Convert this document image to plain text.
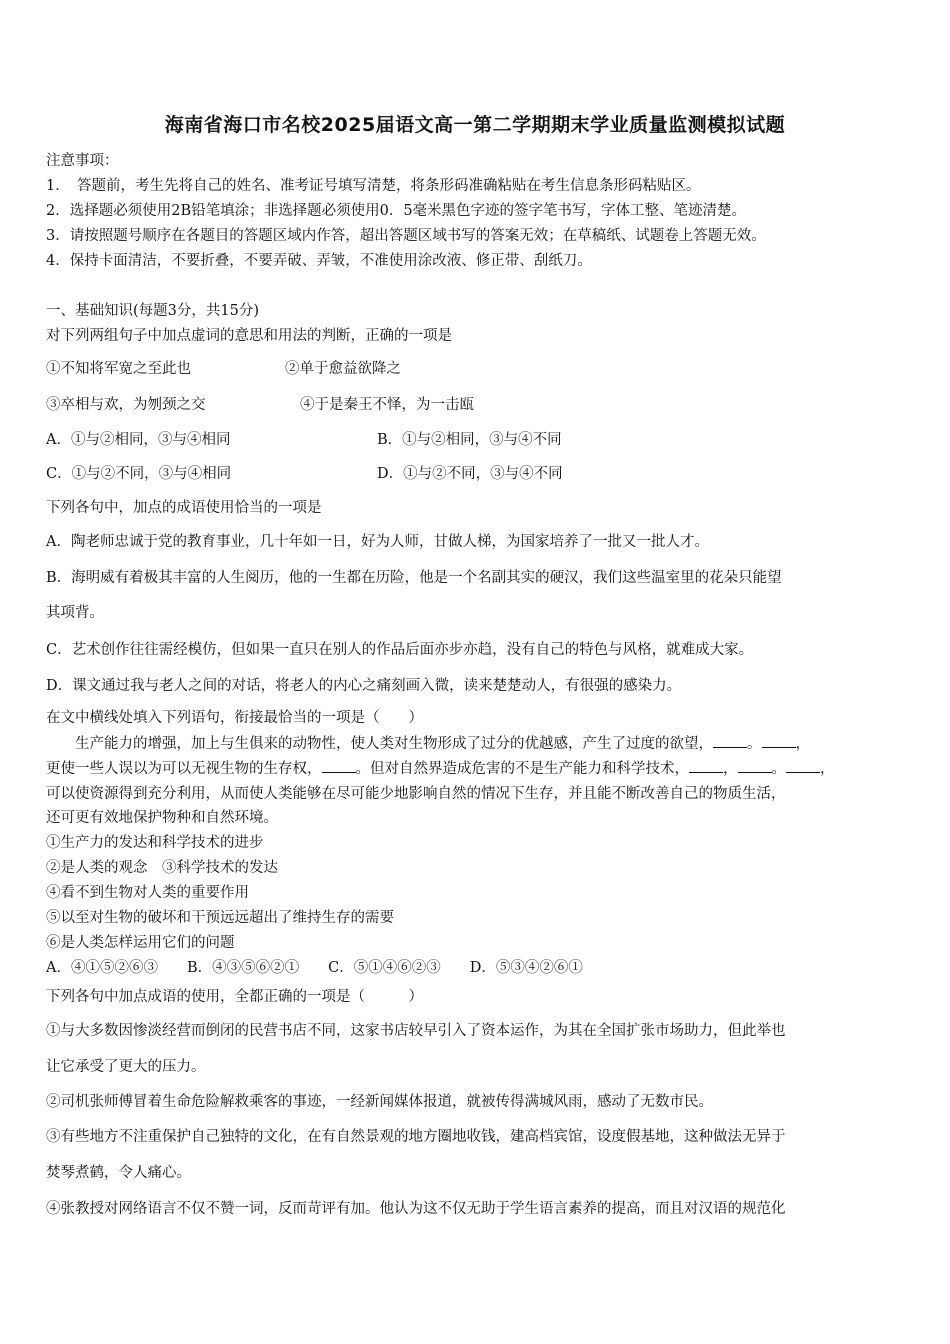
海南省海口市名校2025届语文高一第二学期期末学业质量监测模拟试题
注意事项：
1．　答题前，考生先将自己的姓名、准考证号填写清楚，将条形码准确粘贴在考生信息条形码粘贴区。
2．选择题必须使用2B铅笔填涂；非选择题必须使用0．5毫米黑色字迹的签字笔书写，字体工整、笔迹清楚。
3．请按照题号顺序在各题目的答题区域内作答，超出答题区域书写的答案无效；在草稿纸、试题卷上答题无效。
4．保持卡面清洁，不要折叠，不要弄破、弄皱，不准使用涂改液、修正带、刮纸刀。
一、基础知识(每题3分，共15分)
对下列两组句子中加点虚词的意思和用法的判断，正确的一项是
①不知将军宽之至此也	②单于愈益欲降之
③卒相与欢，为刎颈之交	④于是秦王不怿，为一击瓯
A．①与②相同，③与④相同	B．①与②相同，③与④不同
C．①与②不同，③与④相同	D．①与②不同，③与④不同
下列各句中，加点的成语使用恰当的一项是
A．陶老师忠诚于党的教育事业，几十年如一日，好为人师，甘做人梯，为国家培养了一批又一批人才。
B．海明威有着极其丰富的人生阅历，他的一生都在历险，他是一个名副其实的硬汉，我们这些温室里的花朵只能望
其项背。
C．艺术创作往往需经模仿，但如果一直只在别人的作品后面亦步亦趋，没有自己的特色与风格，就难成大家。
D．课文通过我与老人之间的对话，将老人的内心之痛刻画入微，读来楚楚动人，有很强的感染力。
在文中横线处填入下列语句，衔接最恰当的一项是（　　）
　　生产能力的增强，加上与生俱来的动物性，使人类对生物形成了过分的优越感，产生了过度的欲望， 。 ，
更使一些人误以为可以无视生物的生存权， 。但对自然界造成危害的不是生产能力和科学技术， ， 。 ，
可以使资源得到充分利用，从而使人类能够在尽可能少地影响自然的情况下生存，并且能不断改善自己的物质生活，
还可更有效地保护物种和自然环境。
①生产力的发达和科学技术的进步
②是人类的观念　③科学技术的发达
④看不到生物对人类的重要作用
⑤以至对生物的破坏和干预远远超出了维持生存的需要
⑥是人类怎样运用它们的问题
A．④①⑤②⑥③　　B．④③⑤⑥②①　　C．⑤①④⑥②③　　D．⑤③④②⑥①
下列各句中加点成语的使用，全都正确的一项是（　　　）
①与大多数因惨淡经营而倒闭的民营书店不同，这家书店较早引入了资本运作，为其在全国扩张市场助力，但此举也
让它承受了更大的压力。
②司机张师傅冒着生命危险解救乘客的事迹，一经新闻媒体报道，就被传得满城风雨，感动了无数市民。
③有些地方不注重保护自己独特的文化，在有自然景观的地方圈地收钱，建高档宾馆，设度假基地，这种做法无异于
焚琴煮鹤，令人痛心。
④张教授对网络语言不仅不赞一词，反而苛评有加。他认为这不仅无助于学生语言素养的提高，而且对汉语的规范化
